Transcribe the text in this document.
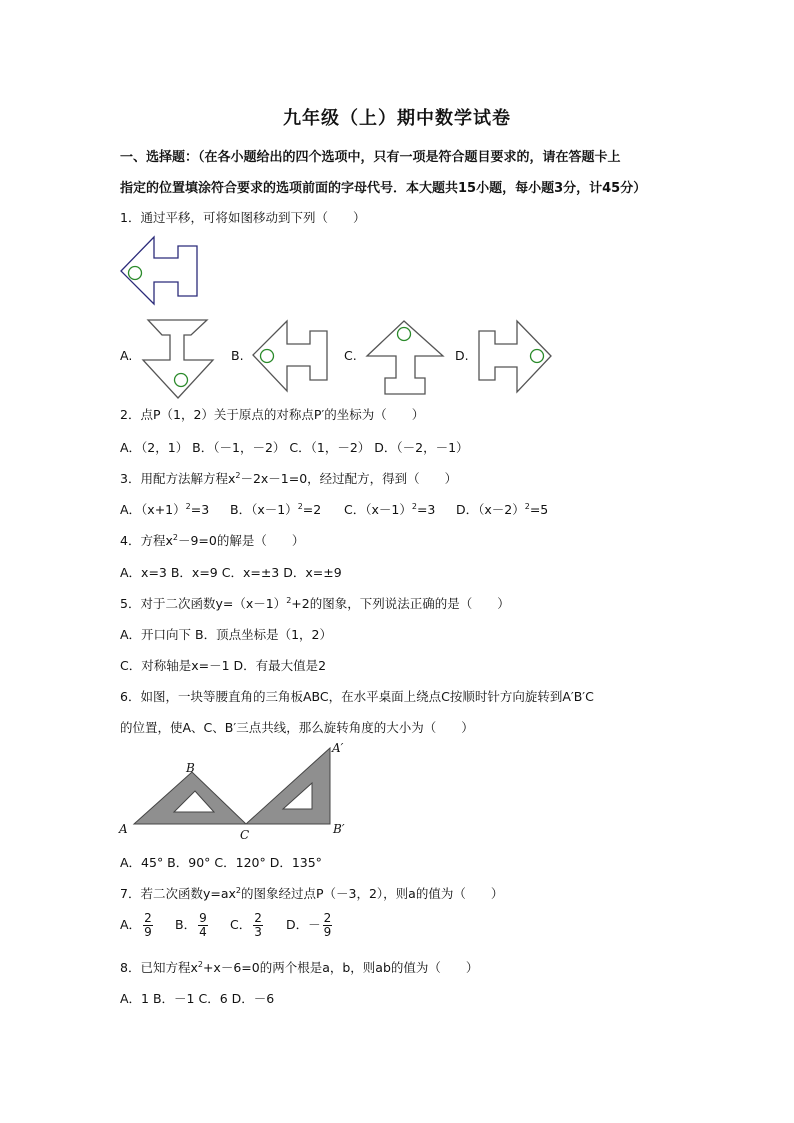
九年级（上）期中数学试卷
一、选择题：（在各小题给出的四个选项中，只有一项是符合题目要求的，请在答题卡上
指定的位置填涂符合要求的选项前面的字母代号．本大题共15小题，每小题3分，计45分）
1．通过平移，可将如图移动到下列（　　）
A.	B.	C.	D.
2．点P（1，2）关于原点的对称点P′的坐标为（　　）
A．（2，1） B．（－1，－2） C．（1，－2） D．（－2，－1）
3．用配方法解方程$x^2-2x-1=0$，经过配方，得到（　　）
A．$(x+1)^2=3$ B．$(x-1)^2=2$ C．$(x-1)^2=3$ D．$(x-2)^2=5$
4．方程$x^2-9=0$的解是（　　）
A．x=3 B．x=9 C．x=±3 D．x=±9
5．对于二次函数$y=(x-1)^2+2$的图象，下列说法正确的是（　　）
A．开口向下 B．顶点坐标是（1，2）
C．对称轴是x=－1 D．有最大值是2
6．如图，一块等腰直角的三角板ABC，在水平桌面上绕点C按顺时针方向旋转到A′B′C
的位置，使A、C、B′三点共线，那么旋转角度的大小为（　　）
A
B
C
A′
B′
A．45° B．90° C．120° D．135°
7．若二次函数$y=ax^2$的图象经过点P（－3，2），则a的值为（　　）
A． $\frac{2}{9}$ B． $\frac{9}{4}$ C． $\frac{2}{3}$ D．－ $\frac{2}{9}$
8．已知方程$x^2+x-6=0$的两个根是a，b，则ab的值为（　　）
A．1 B．－1 C．6 D．－6
